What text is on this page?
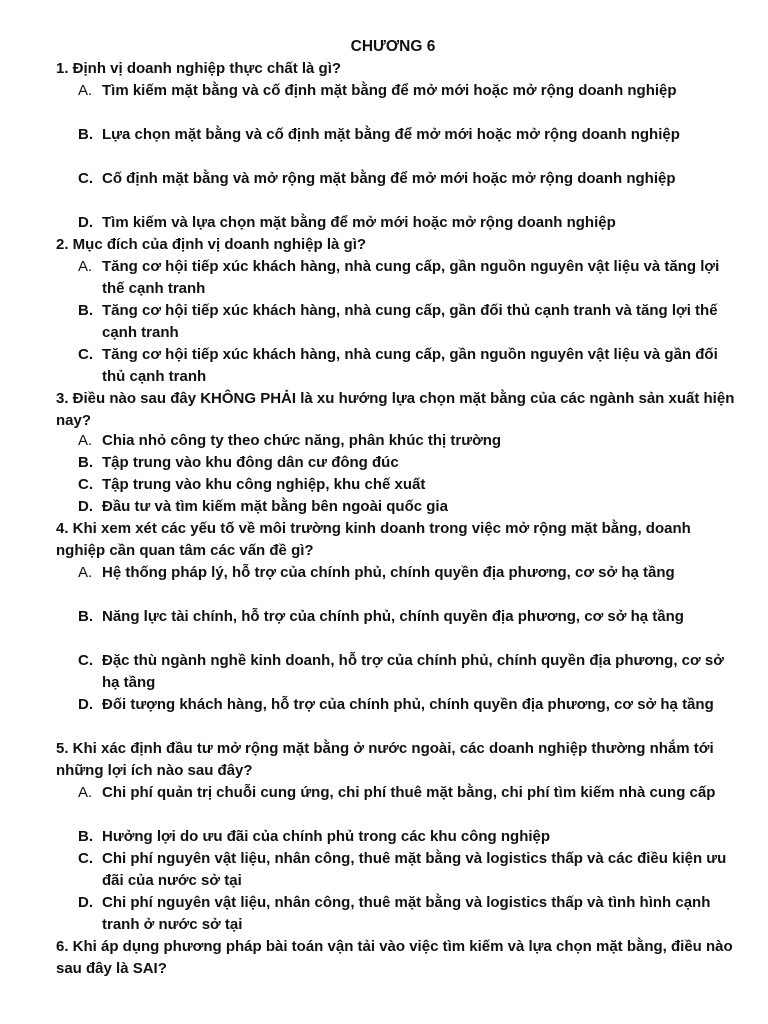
CHƯƠNG 6
1. Định vị doanh nghiệp thực chất là gì?
A. Tìm kiếm mặt bằng và cố định mặt bằng để mở mới hoặc mở rộng doanh nghiệp
B. Lựa chọn mặt bằng và cố định mặt bằng để mở mới hoặc mở rộng doanh nghiệp
C. Cố định mặt bằng và mở rộng mặt bằng để mở mới hoặc mở rộng doanh nghiệp
D. Tìm kiếm và lựa chọn mặt bằng để mở mới hoặc mở rộng doanh nghiệp
2. Mục đích của định vị doanh nghiệp là gì?
A. Tăng cơ hội tiếp xúc khách hàng, nhà cung cấp, gần nguồn nguyên vật liệu và tăng lợi thế cạnh tranh
B. Tăng cơ hội tiếp xúc khách hàng, nhà cung cấp, gần đối thủ cạnh tranh và tăng lợi thế cạnh tranh
C. Tăng cơ hội tiếp xúc khách hàng, nhà cung cấp, gần nguồn nguyên vật liệu và gần đối thủ cạnh tranh
3. Điều nào sau đây KHÔNG PHẢI là xu hướng lựa chọn mặt bằng của các ngành sản xuất hiện nay?
A. Chia nhỏ công ty theo chức năng, phân khúc thị trường
B. Tập trung vào khu đông dân cư đông đúc
C. Tập trung vào khu công nghiệp, khu chế xuất
D. Đầu tư và tìm kiếm mặt bằng bên ngoài quốc gia
4. Khi xem xét các yếu tố về môi trường kinh doanh trong việc mở rộng mặt bằng, doanh nghiệp cần quan tâm các vấn đề gì?
A. Hệ thống pháp lý, hỗ trợ của chính phủ, chính quyền địa phương, cơ sở hạ tầng
B. Năng lực tài chính, hỗ trợ của chính phủ, chính quyền địa phương, cơ sở hạ tầng
C. Đặc thù ngành nghề kinh doanh, hỗ trợ của chính phủ, chính quyền địa phương, cơ sở hạ tầng
D. Đối tượng khách hàng, hỗ trợ của chính phủ, chính quyền địa phương, cơ sở hạ tầng
5. Khi xác định đầu tư mở rộng mặt bằng ở nước ngoài, các doanh nghiệp thường nhắm tới những lợi ích nào sau đây?
A. Chi phí quản trị chuỗi cung ứng, chi phí thuê mặt bằng, chi phí tìm kiếm nhà cung cấp
B. Hưởng lợi do ưu đãi của chính phủ trong các khu công nghiệp
C. Chi phí nguyên vật liệu, nhân công, thuê mặt bằng và logistics thấp và các điều kiện ưu đãi của nước sở tại
D. Chi phí nguyên vật liệu, nhân công, thuê mặt bằng và logistics thấp và tình hình cạnh tranh ở nước sở tại
6. Khi áp dụng phương pháp bài toán vận tải vào việc tìm kiếm và lựa chọn mặt bằng, điều nào sau đây là SAI?
